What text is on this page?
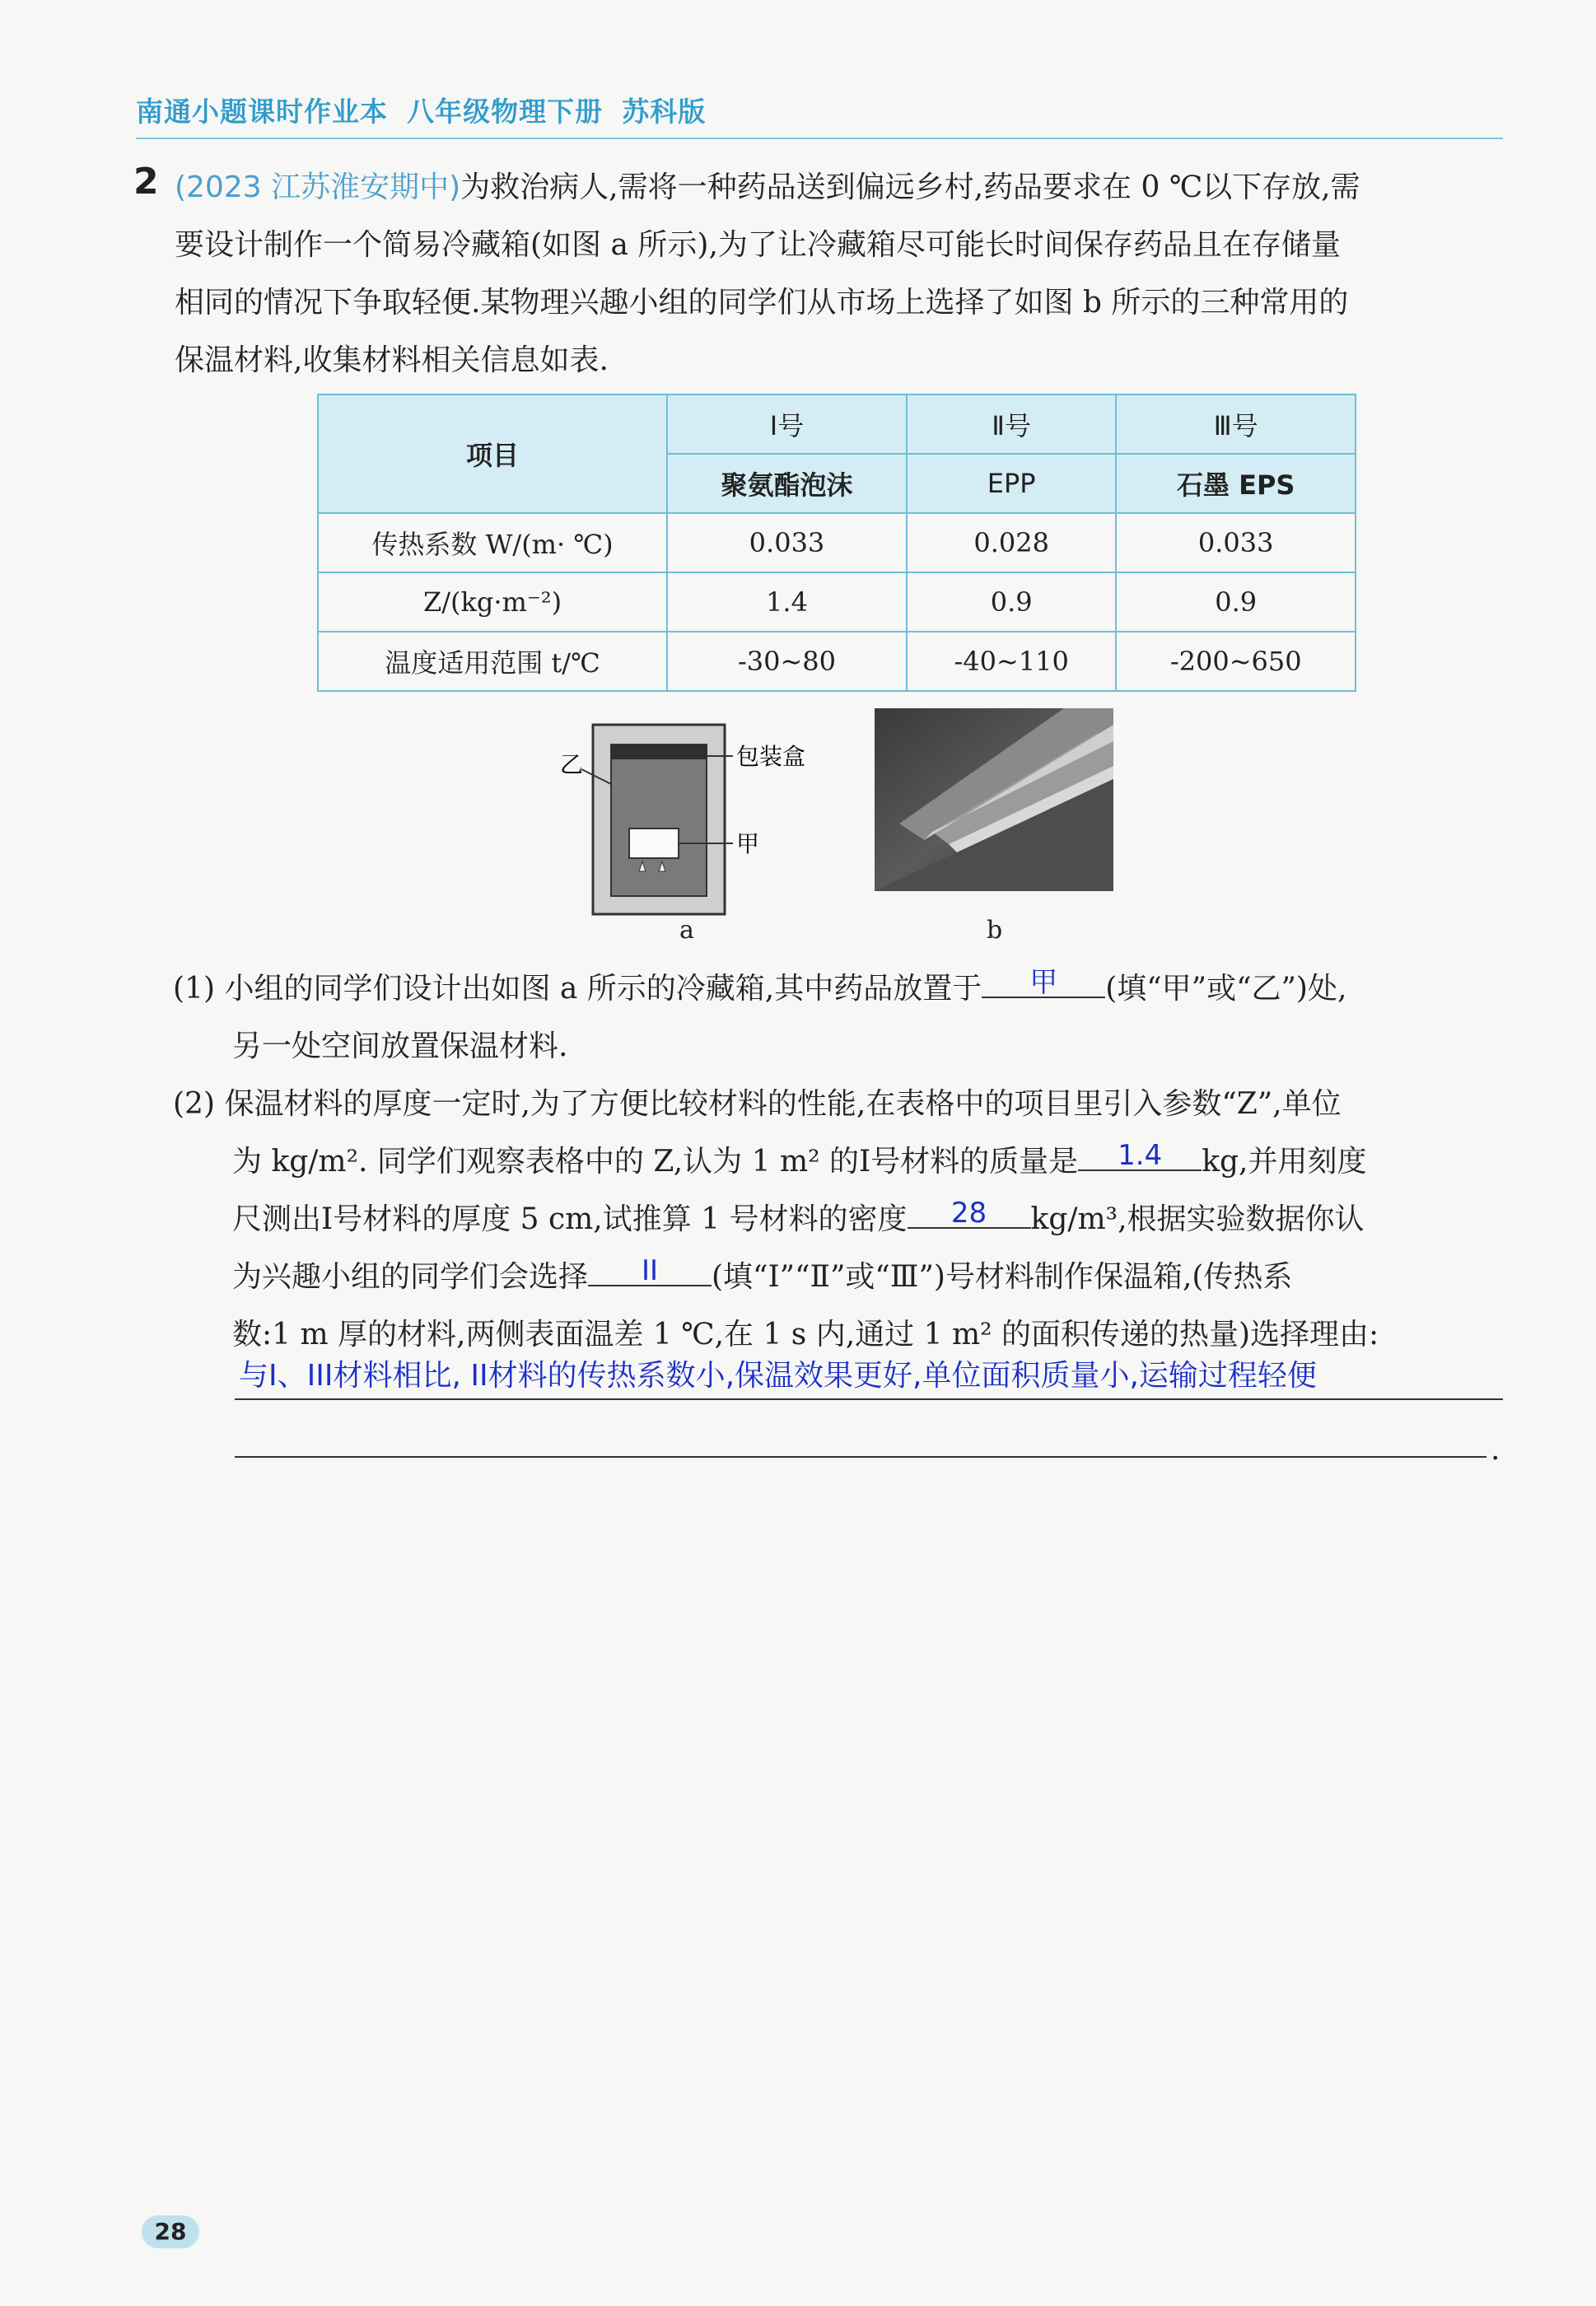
南通小题课时作业本 八年级物理下册 苏科版
2 (2023 江苏淮安期中)为救治病人,需将一种药品送到偏远乡村,药品要求在 0 ℃以下存放,需
要设计制作一个简易冷藏箱(如图 a 所示),为了让冷藏箱尽可能长时间保存药品且在存储量
相同的情况下争取轻便.某物理兴趣小组的同学们从市场上选择了如图 b 所示的三种常用的
保温材料,收集材料相关信息如表.
项目	Ⅰ号	Ⅱ号	Ⅲ号
	聚氨酯泡沫	EPP	石墨 EPS
传热系数 W/(m· ℃)	0.033	0.028	0.033
Z/(kg·m⁻²)	1.4	0.9	0.9
温度适用范围 t/℃	-30~80	-40~110	-200~650
包装盒
甲
乙
a	b
(1) 小组的同学们设计出如图 a 所示的冷藏箱,其中药品放置于 甲 (填“甲”或“乙”)处,
另一处空间放置保温材料.
(2) 保温材料的厚度一定时,为了方便比较材料的性能,在表格中的项目里引入参数“Z”,单位
为 kg/m². 同学们观察表格中的 Z,认为 1 m² 的Ⅰ号材料的质量是 1.4 kg,并用刻度
尺测出Ⅰ号材料的厚度 5 cm,试推算 1 号材料的密度 28 kg/m³,根据实验数据你认
为兴趣小组的同学们会选择 II (填“Ⅰ”“Ⅱ”或“Ⅲ”)号材料制作保温箱,(传热系
数:1 m 厚的材料,两侧表面温差 1 ℃,在 1 s 内,通过 1 m² 的面积传递的热量)选择理由:
与I、III材料相比, II材料的传热系数小,保温效果更好,单位面积质量小,运输过程轻便
.
28
